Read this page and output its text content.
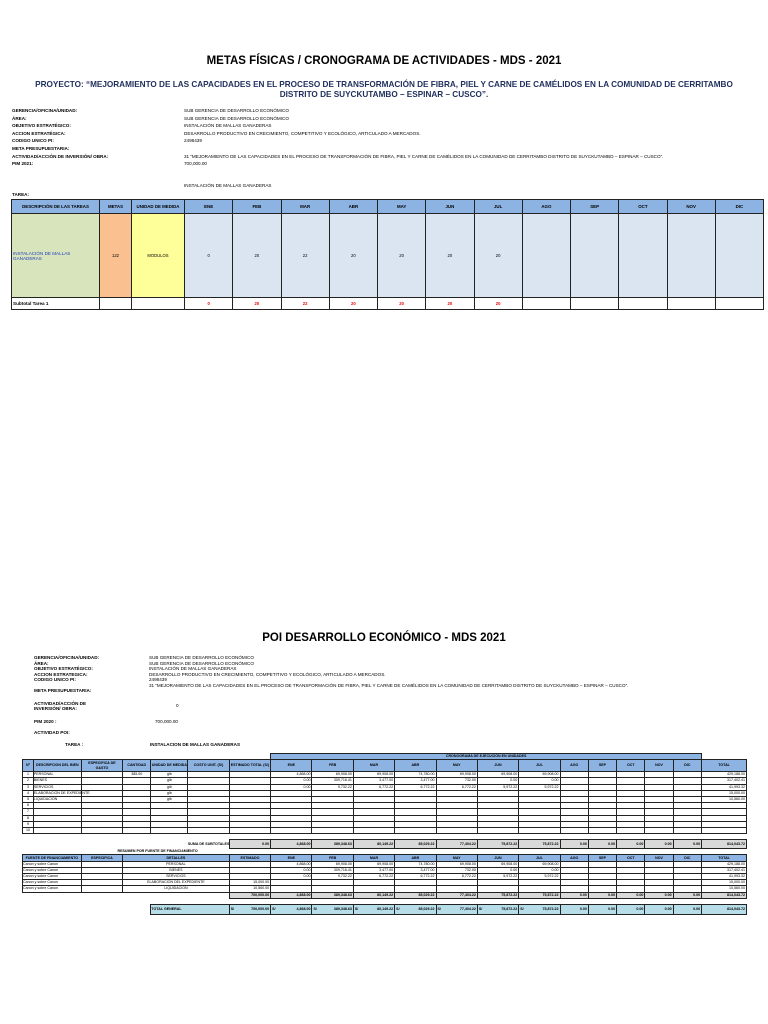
METAS FÍSICAS / CRONOGRAMA DE ACTIVIDADES - MDS - 2021
PROYECTO: “MEJORAMIENTO DE LAS CAPACIDADES EN EL PROCESO DE TRANSFORMACIÓN DE FIBRA, PIEL Y CARNE DE CAMÉLIDOS EN LA COMUNIDAD DE CERRITAMBO
DISTRITO DE SUYCKUTAMBO – ESPINAR – CUSCO”.
GERENCIA/OFICINA/UNIDAD:	SUB GERENCIA DE DESARROLLO ECONÓMICO
ÁREA:	SUB GERENCIA DE DESARROLLO ECONÓMICO
OBJETIVO ESTRATÉGICO:	INSTALACIÓN DE MALLAS GANADERAS
ACCION ESTRATÉGICA:	DESARROLLO PRODUCTIVO EN CRECIMIENTO, COMPETITIVO Y ECOLÓGICO, ARTICULADO A MERCADOS.
CODIGO UNICO PI:	2498439
META PRESUPUESTARIA:
ACTIVIDAD/ACCIÓN DE INVERSIÓN/ OBRA:	31 “MEJORAMIENTO DE LAS CAPACIDADES EN EL PROCESO DE TRANSFORMACIÓN DE FIBRA, PIEL Y CARNE DE CAMÉLIDOS EN LA COMUNIDAD DE CERRITAMBO DISTRITO DE SUYCKUTAMBO – ESPINAR – CUSCO”.
PIM 2021:	700,000.00
TAREA:
INSTALACIÓN DE MALLAS GANADERAS
DESCRIPCIÓN DE LAS TAREAS	METAS	UNIDAD DE MEDIDA	ENE	FEB	MAR	ABR	MAY	JUN	JUL	AGO	SEP	OCT	NOV	DIC
INSTALACIÓN DE MALLAS GANADERAS	122	MODULOS	0	20	22	20	20	20	20					
Subtotal Tarea 1			0	20	22	20	20	20	20					
POI DESARROLLO ECONÓMICO - MDS 2021
GERENCIA/OFICINA/UNIDAD:	SUB GERENCIA DE DESARROLLO ECONÓMICO
ÁREA:	SUB GERENCIA DE DESARROLLO ECONÓMICO
OBJETIVO ESTRATÉGICO:	INSTALACIÓN DE MALLAS GANADERAS
ACCION ESTRATEGICA:	DESARROLLO PRODUCTIVO EN CRECIMIENTO, COMPETITIVO Y ECOLÓGICO, ARTICULADO A MERCADOS.
CODIGO UNICO PI:	2498439
31 “MEJORAMIENTO DE LAS CAPACIDADES EN EL PROCESO DE TRANSFORMACIÓN DE FIBRA, PIEL Y CARNE DE CAMÉLIDOS EN LA COMUNIDAD DE CERRITAMBO DISTRITO DE SUYCKUTAMBO – ESPINAR – CUSCO”.
META PRESUPUESTARIA:
ACTIVIDAD/ACCIÓN DE INVERSIÓN/ OBRA:
0
PIM 2020 :	700,000.00
ACTIVIDAD POI:
TAREA :	INSTALACION DE MALLAS GANADERAS
							CRONOGRAMA DE EJECUCIÓN EN UNIDADES												
Nº	DESCRIPCION DEL BIEN	ESPECIFICA DE GASTO	CANTIDAD	UNIDAD DE MEDIDA	COSTO UNIT. (S/)	ESTIMADO TOTAL (S/)	ENE	FEB	MAR	ABR	MAY	JUN	JUL	AGO	SEP	OCT	NOV	DIC	TOTAL
1	PERSONAL		385.00	glb			4,868.00	69,908.00	69,908.00	74,780.00	69,908.00	69,908.00	69,908.00						429,188.00
2	BIENES			glb			0.00	309,716.41	3,477.00	3,477.00	732.00	0.00	0.00						317,402.41
3	SERVICIOS			glb			0.00	9,732.22	6,772.22	6,772.22	6,772.22	5,972.22	5,972.22						41,993.32
4	ELABORACION DE EXPEDIENTE			glb															15,000.00
5	LIQUIDACION			glb															10,560.00
6																			
7																			
8																			
9																			
10																			

					SUMA DE SUBTOTALES	0.00	4,868.00	389,348.63	80,149.22	85,029.22	77,404.22	75,872.22	75,872.22	0.00	0.00	0.00	0.00	0.00	814,043.72
RESUMEN POR FUENTE DE FINANCIAMIENTO																			
FUENTE DE FINANCIAMIENTO		ESPECIFICA	DETALLES			ESTIMADO	ENE	FEB	MAR	ABR	MAY	JUN	JUL	AGO	SEP	OCT	NOV	DIC	TOTAL
Canon y sobre Canon			PERSONAL				4,868.00	69,908.00	69,908.00	74,780.00	69,908.00	69,908.00	69,908.00						429,188.00
Canon y sobre Canon			BIENES				0.00	309,716.41	3,477.00	3,477.00	732.00	0.00	0.00						317,402.41
Canon y sobre Canon			SERVICIOS				0.00	9,732.22	6,772.22	6,772.22	6,772.22	5,972.22	5,972.22						41,993.32
Canon y sobre Canon			ELABORACION DEL EXPEDIENTE			15,000.00													15,000.00
Canon y sobre Canon			LIQUIDACION			10,560.00													10,560.00
						700,000.00	4,868.00	389,348.63	80,149.22	85,029.22	77,404.22	75,872.22	75,872.22	0.00	0.00	0.00	0.00	0.00	814,043.72

				TOTAL GENERAL		S/ 700,000.00	S/ 4,868.00	S/ 389,348.63	S/ 80,149.22	S/ 85,029.22	S/ 77,404.22	S/ 75,872.22	S/ 75,872.22	0.00	0.00	0.00	0.00	0.00	814,043.72
